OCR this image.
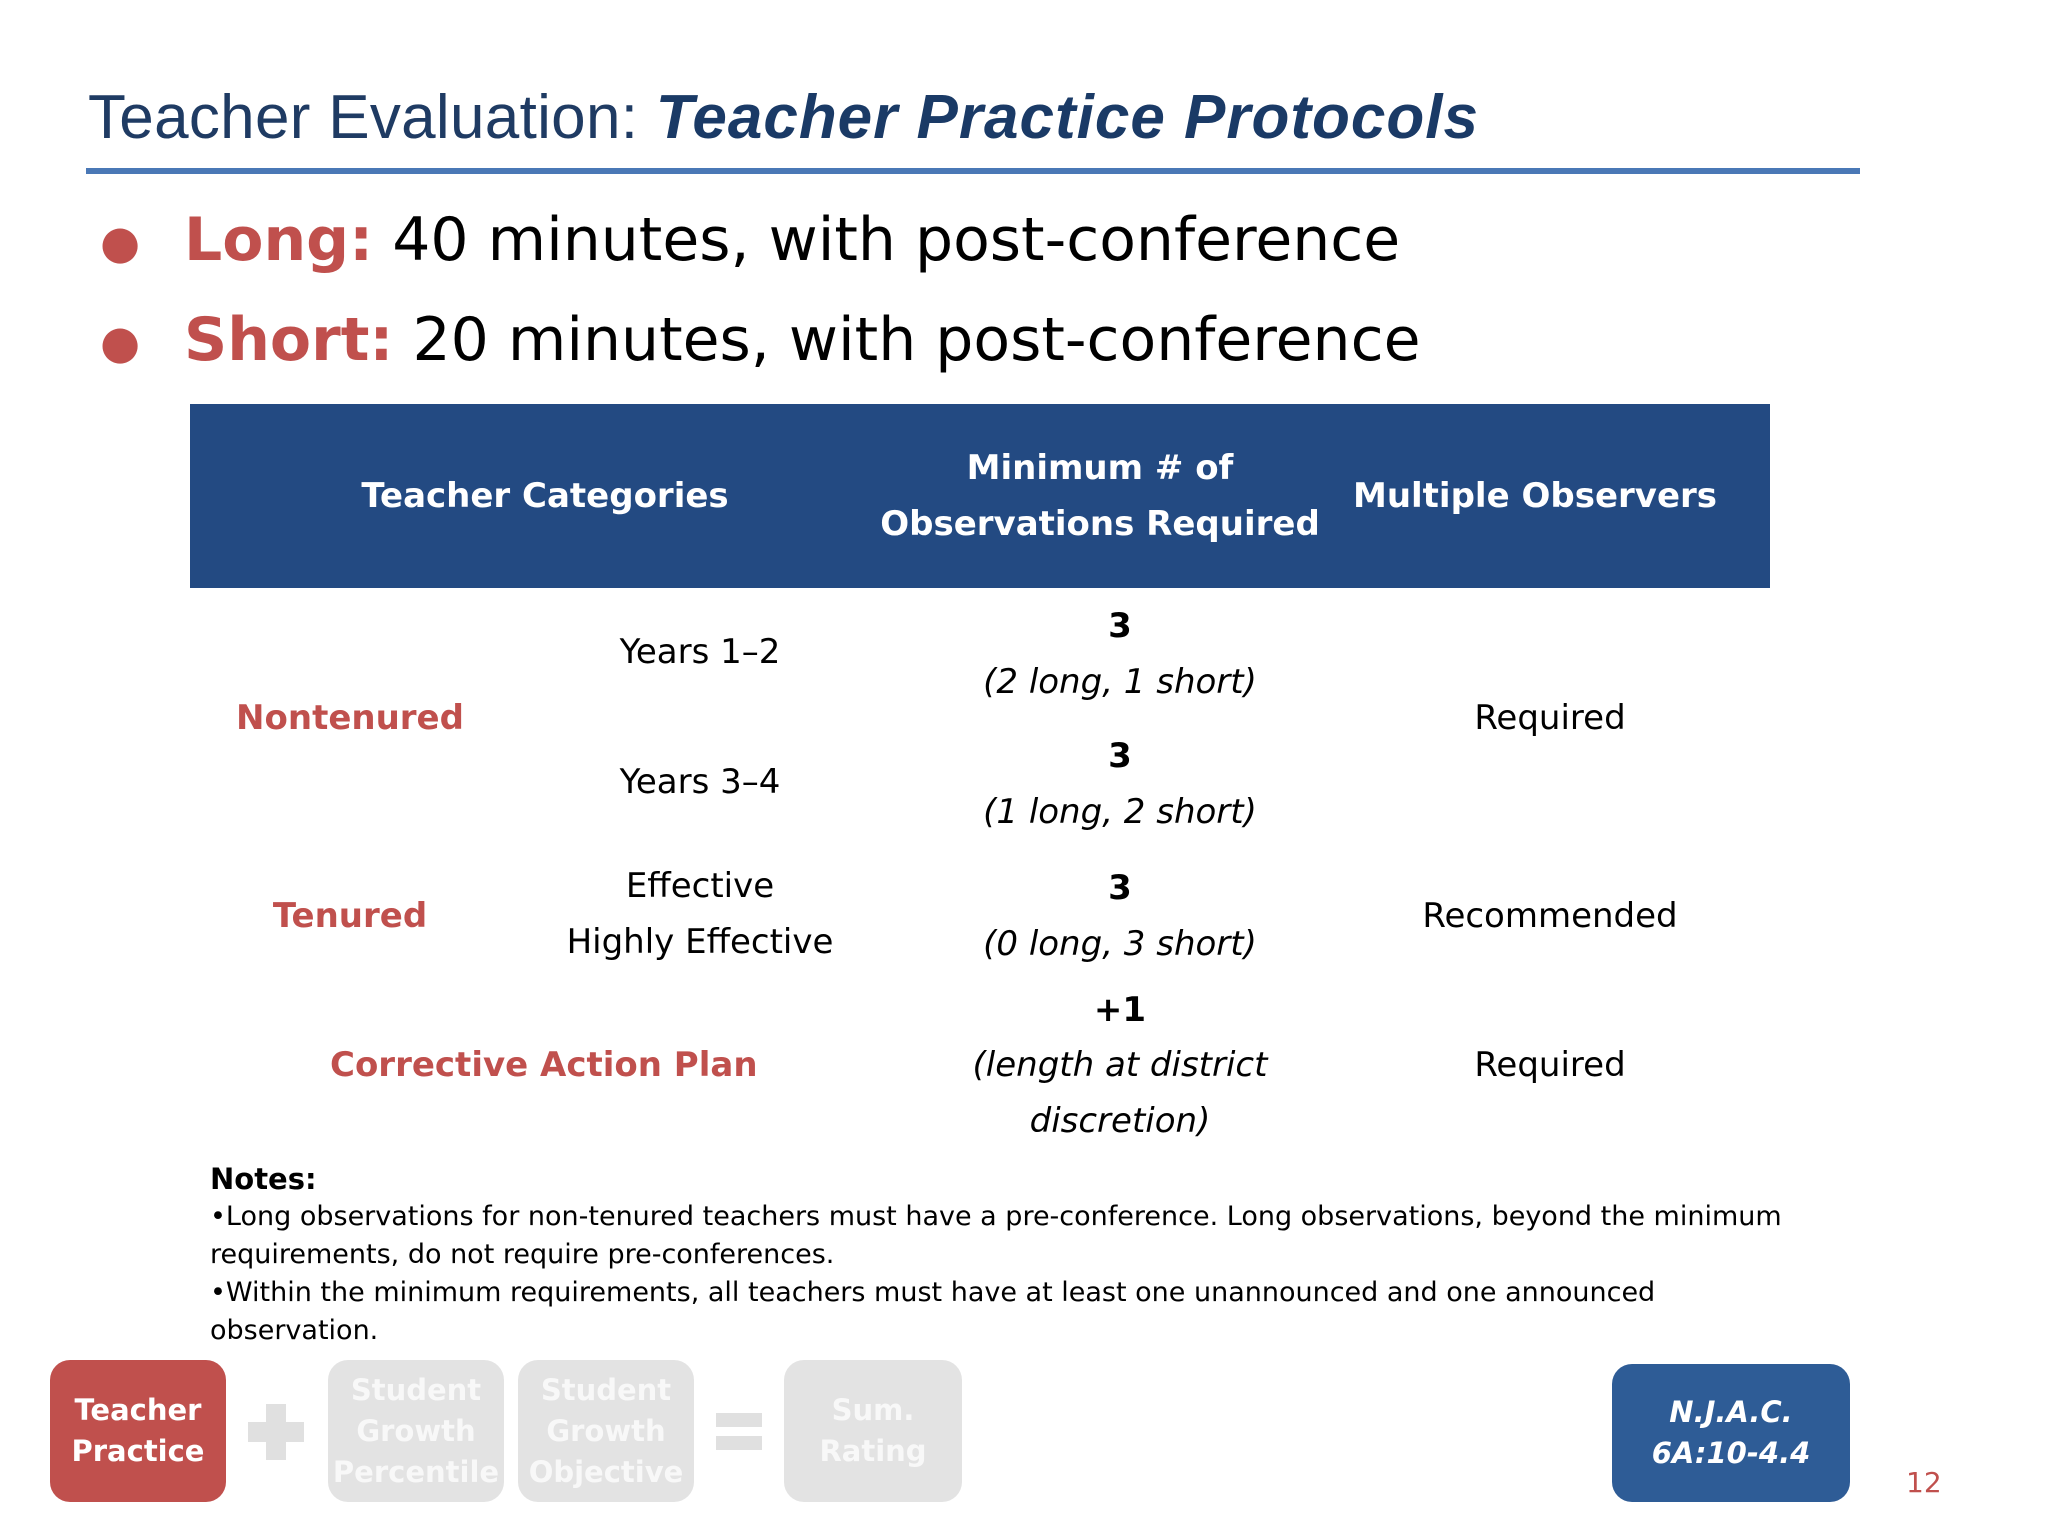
Teacher Evaluation: Teacher Practice Protocols
● Long: 40 minutes, with post-conference
● Short: 20 minutes, with post-conference
Teacher Categories
Minimum # of
Observations Required
Multiple Observers
Nontenured
Years 1–2
3
(2 long, 1 short)
Years 3–4
3
(1 long, 2 short)
Required
Tenured
Effective
Highly Effective
3
(0 long, 3 short)
Recommended
Corrective Action Plan
+1
(length at district
discretion)
Required
Notes:
•Long observations for non-tenured teachers must have a pre-conference. Long observations, beyond the minimum
requirements, do not require pre-conferences.
•Within the minimum requirements, all teachers must have at least one unannounced and one announced observation.
Teacher
Practice
Student
Growth
Percentile
Student
Growth
Objective
Sum.
Rating
N.J.A.C.
6A:10-4.4
12
